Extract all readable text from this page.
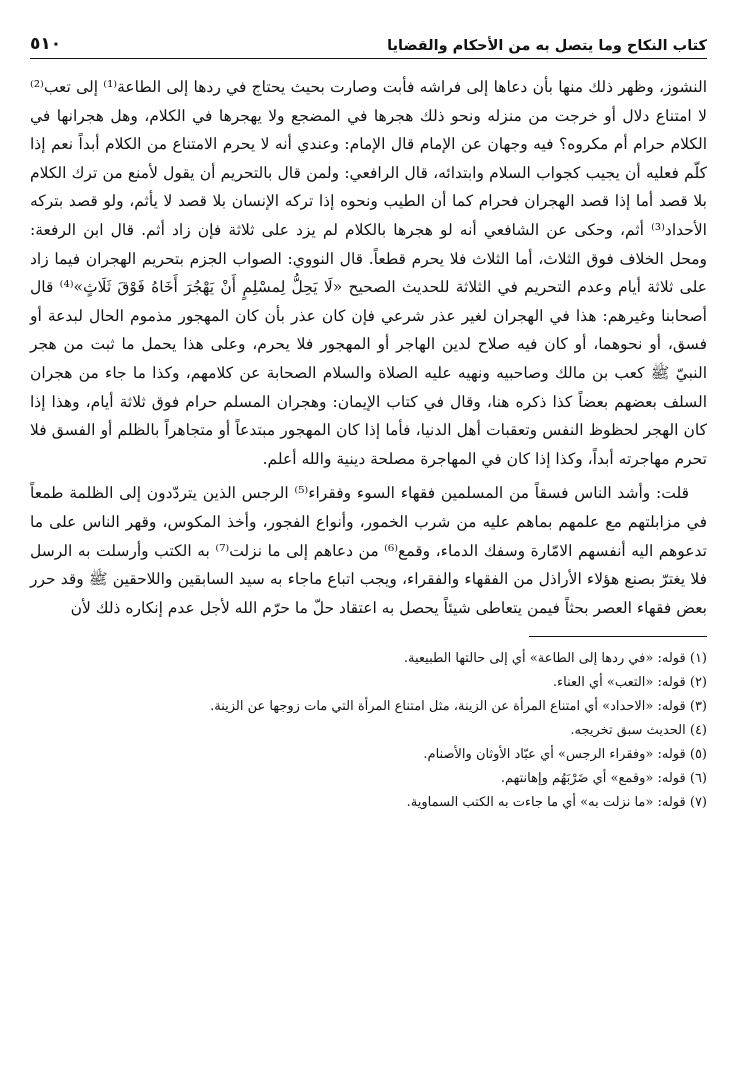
كتاب النكاح وما يتصل به من الأحكام والقضايا
٥١٠

النشوز، وظهر ذلك منها بأن دعاها إلى فراشه فأبت وصارت بحيث يحتاج في ردها إلى الطاعة⁽¹⁾ إلى تعب⁽²⁾ لا امتناع دلال أو خرجت من منزله ونحو ذلك هجرها في المضجع ولا يهجرها في الكلام، وهل هجرانها في الكلام حرام أم مكروه؟ فيه وجهان عن الإمام قال الإمام: وعندي أنه لا يحرم الامتناع من الكلام أبداً نعم إذا كلّم فعليه أن يجيب كجواب السلام وابتدائه، قال الرافعي: ولمن قال بالتحريم أن يقول لأمنع من ترك الكلام بلا قصد أما إذا قصد الهجران فحرام كما أن الطيب ونحوه إذا تركه الإنسان بلا قصد لا يأثم، ولو قصد بتركه الأحداد⁽³⁾ أثم، وحكى عن الشافعي أنه لو هجرها بالكلام لم يزد على ثلاثة فإن زاد أثم. قال ابن الرفعة: ومحل الخلاف فوق الثلاث، أما الثلاث فلا يحرم قطعاً. قال النووي: الصواب الجزم بتحريم الهجران فيما زاد على ثلاثة أيام وعدم التحريم في الثلاثة للحديث الصحيح «لَا يَحِلُّ لِمسْلِمٍ أَنْ يَهْجُرَ أَخَاهُ فَوْقَ ثَلَاثٍ»⁽⁴⁾ قال أصحابنا وغيرهم: هذا في الهجران لغير عذر شرعي فإن كان عذر بأن كان المهجور مذموم الحال لبدعة أو فسق، أو نحوهما، أو كان فيه صلاح لدين الهاجر أو المهجور فلا يحرم، وعلى هذا يحمل ما ثبت من هجر النبيّ ﷺ كعب بن مالك وصاحبيه ونهيه عليه الصلاة والسلام الصحابة عن كلامهم، وكذا ما جاء من هجران السلف بعضهم بعضاً كذا ذكره هنا، وقال في كتاب الإيمان: وهجران المسلم حرام فوق ثلاثة أيام، وهذا إذا كان الهجر لحظوظ النفس وتعقبات أهل الدنيا، فأما إذا كان المهجور مبتدعاً أو متجاهراً بالظلم أو الفسق فلا تحرم مهاجرته أبداً، وكذا إذا كان في المهاجرة مصلحة دينية والله أعلم.

قلت: وأشد الناس فسقاً من المسلمين فقهاء السوء وفقراء⁽⁵⁾ الرجس الذين يتردّدون إلى الظلمة طمعاً في مزابلتهم مع علمهم بماهم عليه من شرب الخمور، وأنواع الفجور، وأخذ المكوس، وقهر الناس على ما تدعوهم اليه أنفسهم الامّارة وسفك الدماء، وقمع⁽⁶⁾ من دعاهم إلى ما نزلت⁽⁷⁾ به الكتب وأرسلت به الرسل فلا يغترّ بصنع هؤلاء الأراذل من الفقهاء والفقراء، ويجب اتباع ماجاء به سيد السابقين واللاحقين ﷺ وقد حرر بعض فقهاء العصر بحثاً فيمن يتعاطى شيئاً يحصل به اعتقاد حلّ ما حرّم الله لأجل عدم إنكاره ذلك لأن

(١) قوله: «في ردها إلى الطاعة» أي إلى حالتها الطبيعية.
(٢) قوله: «التعب» أي العناء.
(٣) قوله: «الاحداد» أي امتناع المرأة عن الزينة، مثل امتناع المرأة التي مات زوجها عن الزينة.
(٤) الحديث سبق تخريجه.
(٥) قوله: «وفقراء الرجس» أي عبّاد الأوثان والأصنام.
(٦) قوله: «وقمع» أي ضَرْبَهُم وإهانتهم.
(٧) قوله: «ما نزلت به» أي ما جاءت به الكتب السماوية.
